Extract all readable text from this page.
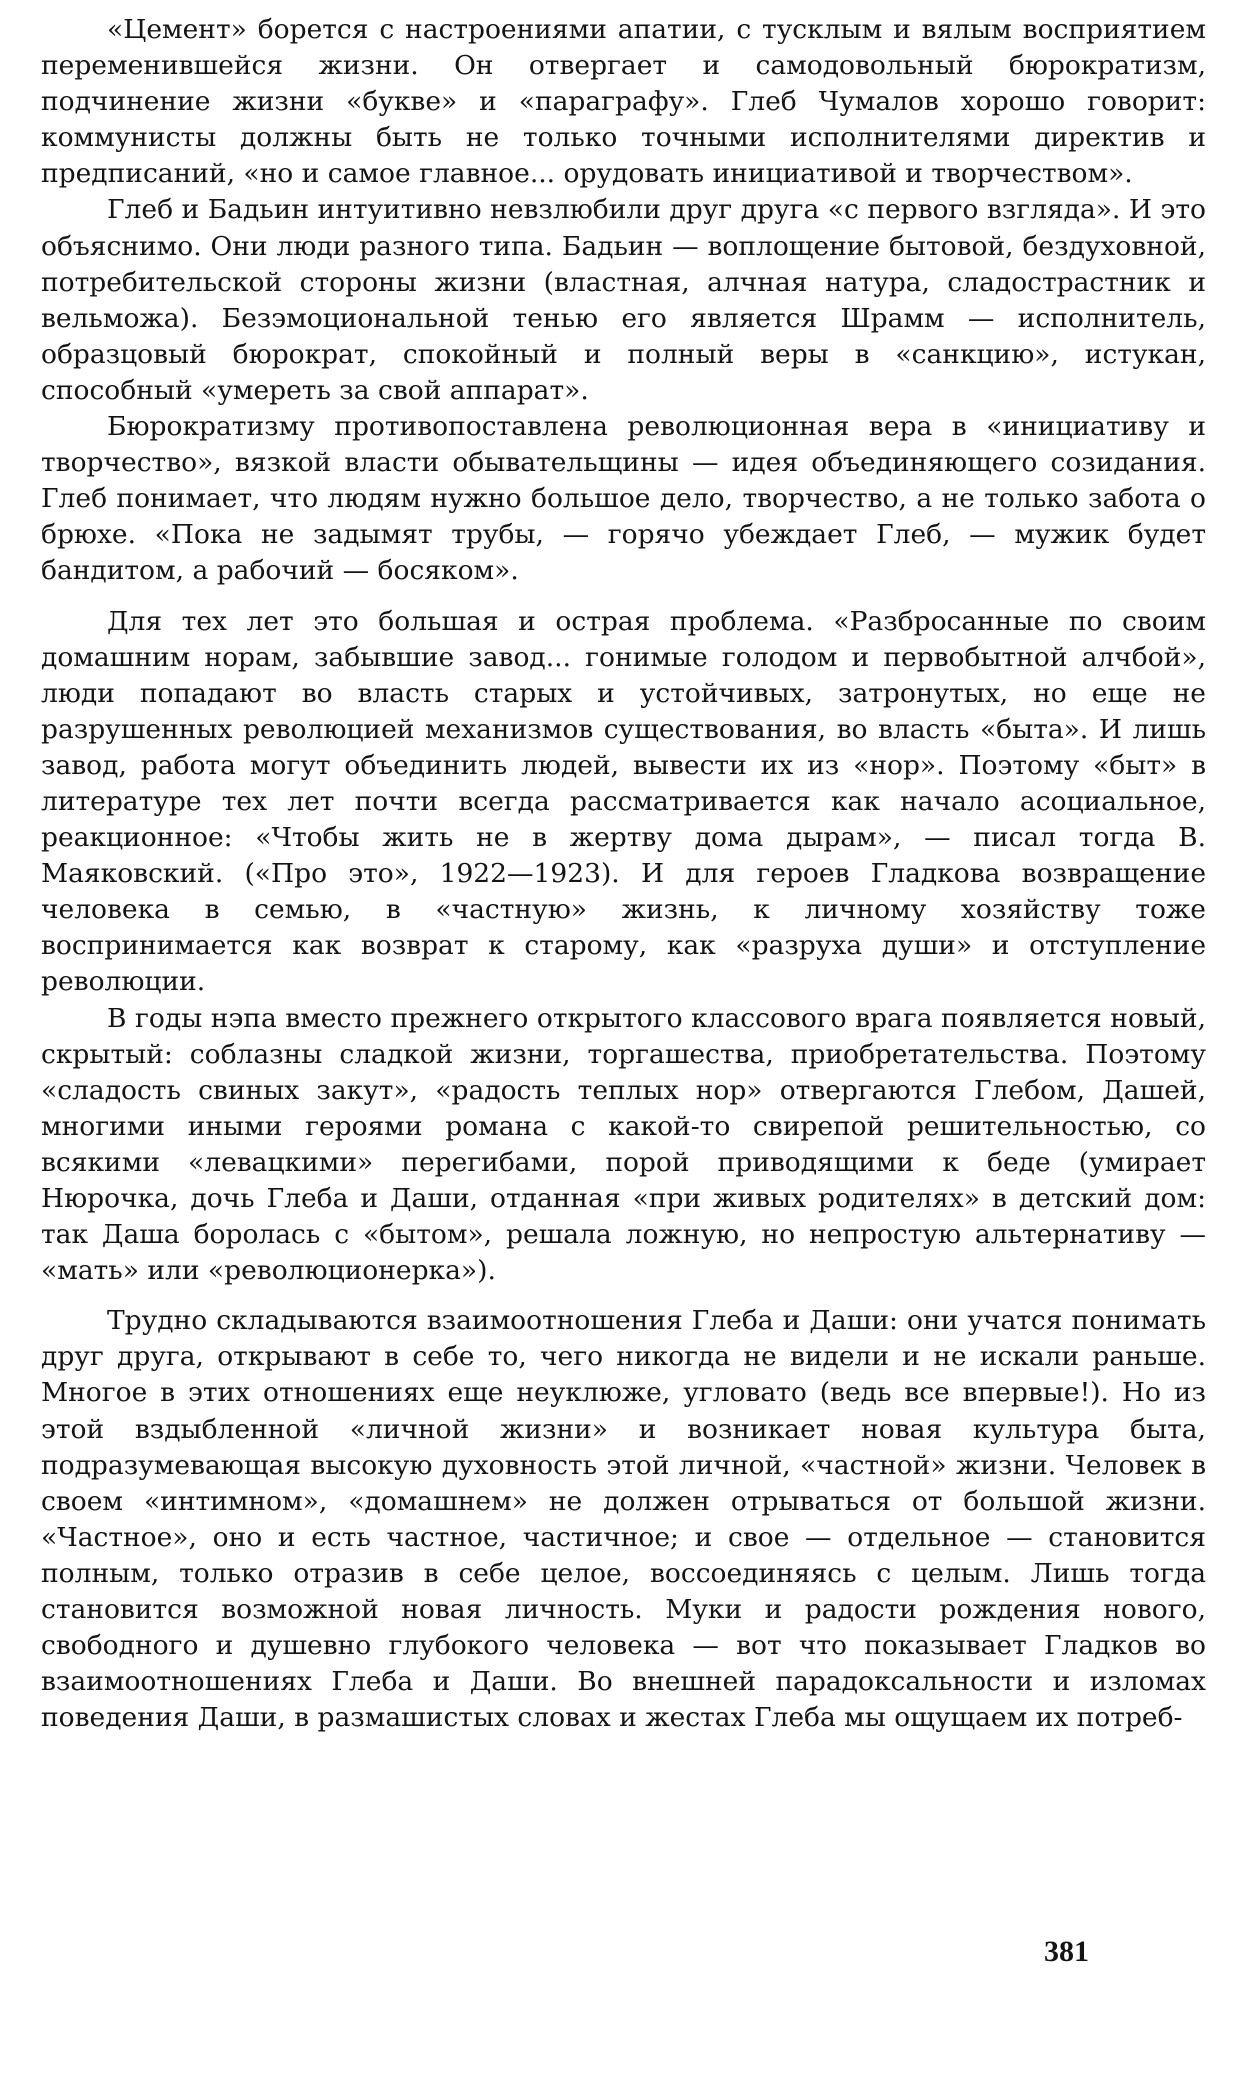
«Цемент» борется с настроениями апатии, с тусклым и вялым восприятием переменившейся жизни. Он отвергает и самодовольный бюрократизм, подчинение жизни «букве» и «параграфу». Глеб Чумалов хорошо говорит: коммунисты должны быть не только точными исполнителями директив и предписаний, «но и самое главное... орудовать инициативой и творчеством».

Глеб и Бадьин интуитивно невзлюбили друг друга «с первого взгляда». И это объяснимо. Они люди разного типа. Бадьин — воплощение бытовой, бездуховной, потребительской стороны жизни (властная, алчная натура, сладострастник и вельможа). Безэмоциональной тенью его является Шрамм — исполнитель, образцовый бюрократ, спокойный и полный веры в «санкцию», истукан, способный «умереть за свой аппарат».

Бюрократизму противопоставлена революционная вера в «инициативу и творчество», вязкой власти обывательщины — идея объединяющего созидания. Глеб понимает, что людям нужно большое дело, творчество, а не только забота о брюхе. «Пока не задымят трубы, — горячо убеждает Глеб, — мужик будет бандитом, а рабочий — босяком».

Для тех лет это большая и острая проблема. «Разбросанные по своим домашним норам, забывшие завод... гонимые голодом и первобытной алчбой», люди попадают во власть старых и устойчивых, затронутых, но еще не разрушенных революцией механизмов существования, во власть «быта». И лишь завод, работа могут объединить людей, вывести их из «нор». Поэтому «быт» в литературе тех лет почти всегда рассматривается как начало асоциальное, реакционное: «Чтобы жить не в жертву дома дырам», — писал тогда В. Маяковский. («Про это», 1922—1923). И для героев Гладкова возвращение человека в семью, в «частную» жизнь, к личному хозяйству тоже воспринимается как возврат к старому, как «разруха души» и отступление революции.

В годы нэпа вместо прежнего открытого классового врага появляется новый, скрытый: соблазны сладкой жизни, торгашества, приобретательства. Поэтому «сладость свиных закут», «радость теплых нор» отвергаются Глебом, Дашей, многими иными героями романа с какой-то свирепой решительностью, со всякими «левацкими» перегибами, порой приводящими к беде (умирает Нюрочка, дочь Глеба и Даши, отданная «при живых родителях» в детский дом: так Даша боролась с «бытом», решала ложную, но непростую альтернативу — «мать» или «революционерка»).

Трудно складываются взаимоотношения Глеба и Даши: они учатся понимать друг друга, открывают в себе то, чего никогда не видели и не искали раньше. Многое в этих отношениях еще неуклюже, угловато (ведь все впервые!). Но из этой вздыбленной «личной жизни» и возникает новая культура быта, подразумевающая высокую духовность этой личной, «частной» жизни. Человек в своем «интимном», «домашнем» не должен отрываться от большой жизни. «Частное», оно и есть частное, частичное; и свое — отдельное — становится полным, только отразив в себе целое, воссоединяясь с целым. Лишь тогда становится возможной новая личность. Муки и радости рождения нового, свободного и душевно глубокого человека — вот что показывает Гладков во взаимоотношениях Глеба и Даши. Во внешней парадоксальности и изломах поведения Даши, в размашистых словах и жестах Глеба мы ощущаем их потреб-

381
